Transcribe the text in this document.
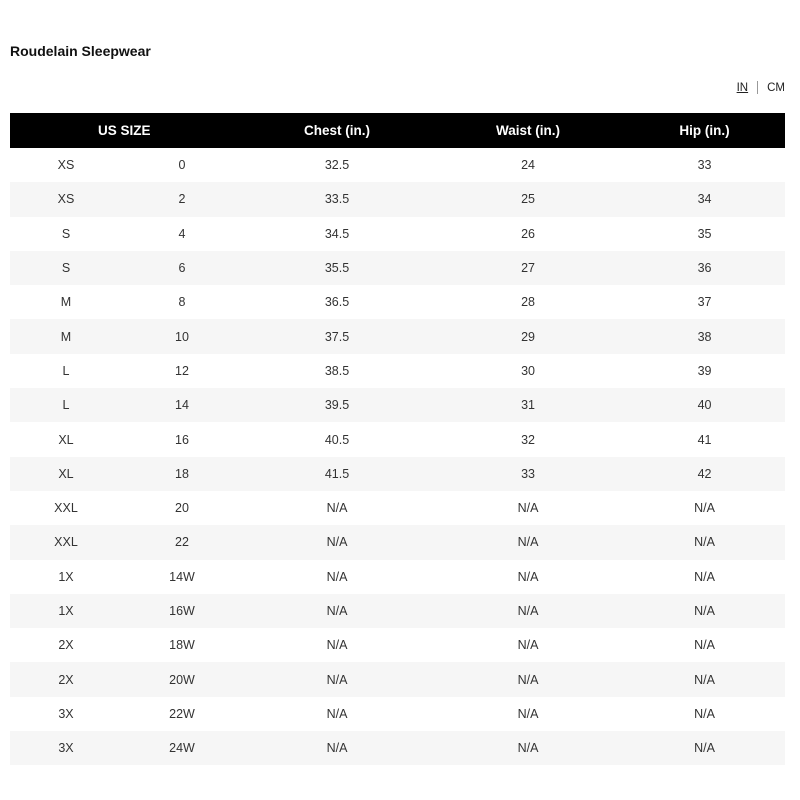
Roudelain Sleepwear
IN CM
US SIZE		Chest (in.)	Waist (in.)	Hip (in.)
XS	0	32.5	24	33
XS	2	33.5	25	34
S	4	34.5	26	35
S	6	35.5	27	36
M	8	36.5	28	37
M	10	37.5	29	38
L	12	38.5	30	39
L	14	39.5	31	40
XL	16	40.5	32	41
XL	18	41.5	33	42
XXL	20	N/A	N/A	N/A
XXL	22	N/A	N/A	N/A
1X	14W	N/A	N/A	N/A
1X	16W	N/A	N/A	N/A
2X	18W	N/A	N/A	N/A
2X	20W	N/A	N/A	N/A
3X	22W	N/A	N/A	N/A
3X	24W	N/A	N/A	N/A
